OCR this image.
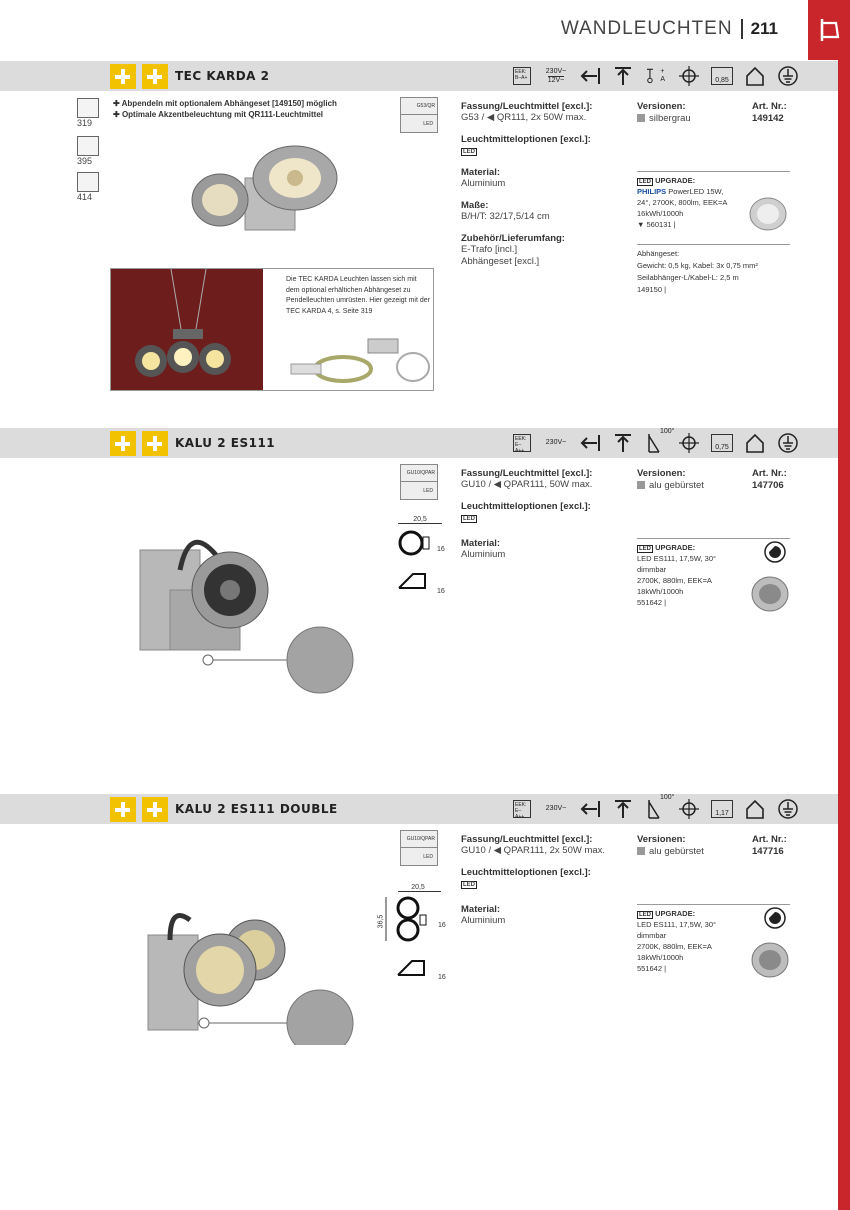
WANDLEUCHTEN 211
TEC KARDA 2	EEK: B–A+	$\frac{230V\sim}{12V\sim}$	+ A	0,85
319
395
414
✚ Abpendeln mit optionalem Abhängeset [149150] möglich
✚ Optimale Akzentbeleuchtung mit QR111-Leuchtmittel
Die TEC KARDA Leuchten lassen sich mit dem optional erhältichen Abhängeset zu Pendelleuchten umrüsten. Hier gezeigt mit der TEC KARDA 4, s. Seite 319
G53/QR
LED
Fassung/Leuchtmittel [excl.]:
G53 / ◀ QR111, 2x 50W max.
Leuchtmitteloptionen [excl.]:
LED
Material:
Aluminium
Maße:
B/H/T: 32/17,5/14 cm
Zubehör/Lieferumfang:
E-Trafo [incl.]
Abhängeset [excl.]
Versionen:	Art. Nr.:
silbergrau	149142
LED UPGRADE:
PHILIPS PowerLED 15W,
24°, 2700K, 800lm, EEK=A
16kWh/1000h
▼ 560131 |
Abhängeset:
Gewicht: 0,5 kg, Kabel: 3x 0,75 mm²
Seilabhänger-L/Kabel-L: 2,5 m
149150 |
KALU 2 ES111	EEK: E–A++
230V~
100°
0,75
GU10/QPAR
LED
20,5

16
16
Fassung/Leuchtmittel [excl.]:
GU10 / ◀ QPAR111, 50W max.
Leuchtmitteloptionen [excl.]:
LED
Material:
Aluminium
Versionen:	Art. Nr.:
alu gebürstet	147706
LED UPGRADE:
LED ES111, 17,5W, 30°
dimmbar
2700K, 880lm, EEK=A
18kWh/1000h
551642 |
KALU 2 ES111 DOUBLE	EEK: E–A++
230V~
100°
1,17
GU10/QPAR
LED
20,5
36,5
	16
16
Fassung/Leuchtmittel [excl.]:
GU10 / ◀ QPAR111, 2x 50W max.
Leuchtmitteloptionen [excl.]:
LED
Material:
Aluminium
Versionen:	Art. Nr.:
alu gebürstet	147716
LED UPGRADE:
LED ES111, 17,5W, 30°
dimmbar
2700K, 880lm, EEK=A
18kWh/1000h
551642 |
